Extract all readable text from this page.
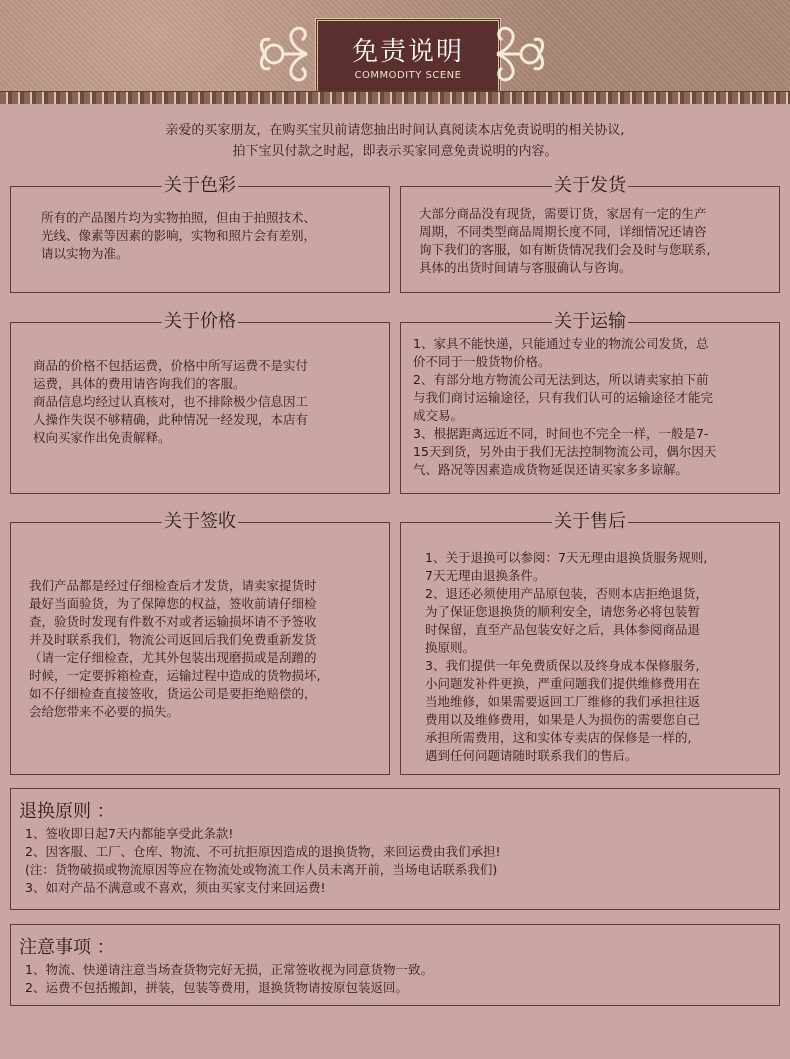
免责说明
COMMODITY SCENE
亲爱的买家朋友，在购买宝贝前请您抽出时间认真阅读本店免责说明的相关协议,
拍下宝贝付款之时起，即表示买家同意免责说明的内容。
关于色彩
所有的产品图片均为实物拍照，但由于拍照技术、
光线、像素等因素的影响，实物和照片会有差别，
请以实物为准。
关于发货
大部分商品没有现货，需要订货，家居有一定的生产
周期，不同类型商品周期长度不同，详细情况还请咨
询下我们的客服，如有断货情况我们会及时与您联系,
具体的出货时间请与客服确认与咨询。
关于价格
商品的价格不包括运费，价格中所写运费不是实付
运费，具体的费用请咨询我们的客服。
商品信息均经过认真核对，也不排除极少信息因工
人操作失误不够精确，此种情况一经发现，本店有
权向买家作出免责解释。
关于运输
1、家具不能快递，只能通过专业的物流公司发货，总
价不同于一般货物价格。
2、有部分地方物流公司无法到达，所以请卖家拍下前
与我们商讨运输途径，只有我们认可的运输途径才能完
成交易。
3、根据距离远近不同，时间也不完全一样，一般是7-
15天到货，另外由于我们无法控制物流公司，偶尔因天
气、路况等因素造成货物延误还请买家多多谅解。
关于签收
我们产品都是经过仔细检查后才发货，请卖家提货时
最好当面验货，为了保障您的权益，签收前请仔细检
查，验货时发现有件数不对或者运输损坏请不予签收
并及时联系我们，物流公司返回后我们免费重新发货
（请一定仔细检查，尤其外包装出现磨损或是刮蹭的
时候，一定要拆箱检查，运输过程中造成的货物损坏,
如不仔细检查直接签收，货运公司是要拒绝赔偿的，
会给您带来不必要的损失。
关于售后
1、关于退换可以参阅：7天无理由退换货服务规则,
7天无理由退换条件。
2、退还必须使用产品原包装，否则本店拒绝退货，
为了保证您退换货的顺利安全，请您务必将包装暂
时保留，直至产品包装安好之后，具体参阅商品退
换原则。
3、我们提供一年免费质保以及终身成本保修服务,
小问题发补件更换，严重问题我们提供维修费用在
当地维修，如果需要返回工厂维修的我们承担往返
费用以及维修费用，如果是人为损伤的需要您自己
承担所需费用，这和实体专卖店的保修是一样的,
遇到任何问题请随时联系我们的售后。
退换原则 ：
1、签收即日起7天内都能享受此条款!
2、因客服、工厂、仓库、物流、不可抗拒原因造成的退换货物，来回运费由我们承担!
(注：货物破损或物流原因等应在物流处或物流工作人员未离开前，当场电话联系我们)
3、如对产品不满意或不喜欢，须由买家支付来回运费!
注意事项 ：
1、物流、快递请注意当场查货物完好无损，正常签收视为同意货物一致。
2、运费不包括搬卸，拼装，包装等费用，退换货物请按原包装返回。
